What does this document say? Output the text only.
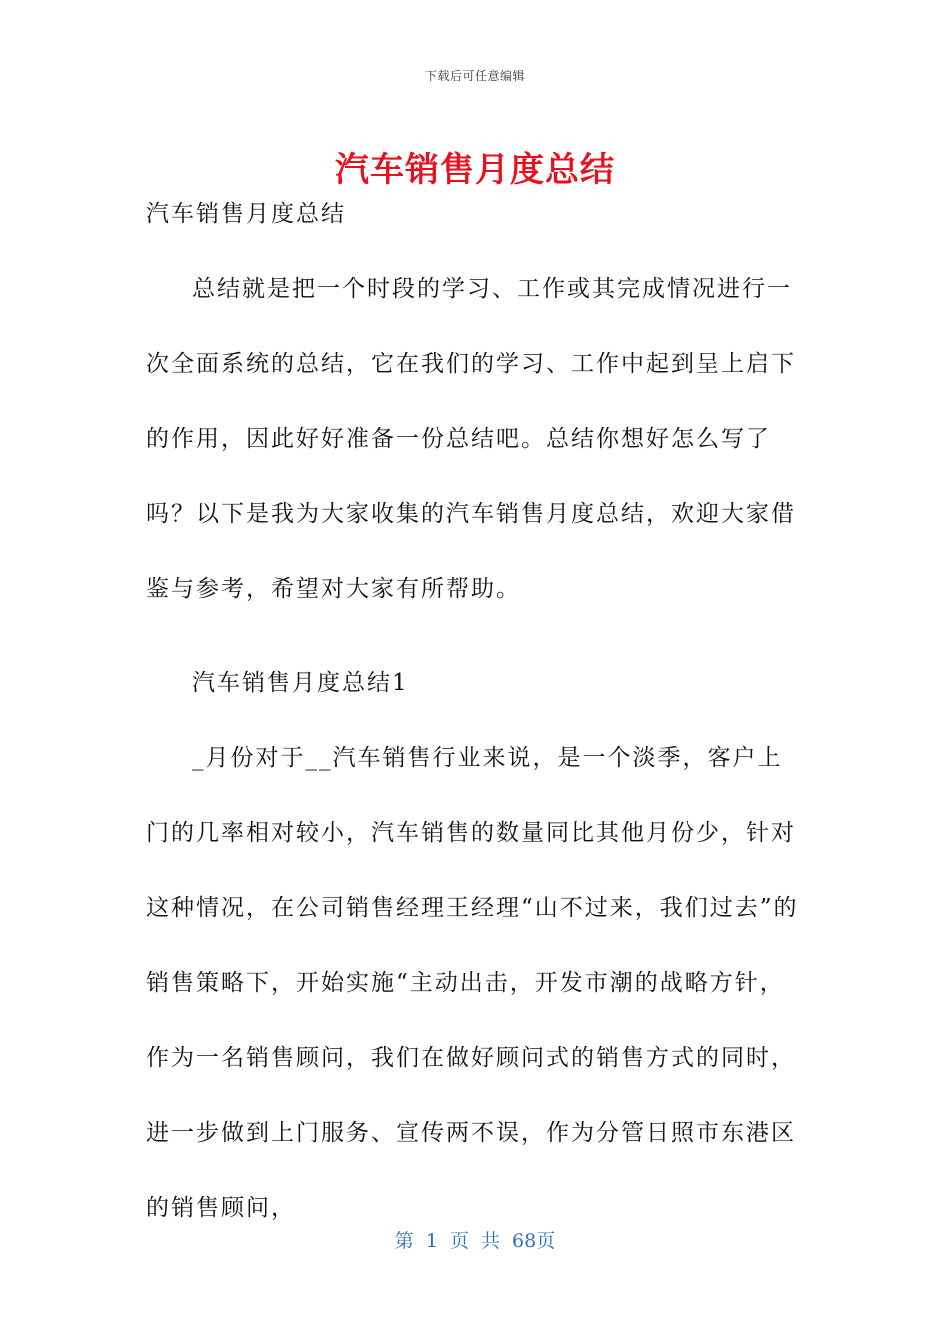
下载后可任意编辑
汽车销售月度总结

汽车销售月度总结

总结就是把一个时段的学习、工作或其完成情况进行一次全面系统的总结，它在我们的学习、工作中起到呈上启下的作用，因此好好准备一份总结吧。总结你想好怎么写了吗？以下是我为大家收集的汽车销售月度总结，欢迎大家借鉴与参考，希望对大家有所帮助。

汽车销售月度总结1

_月份对于__汽车销售行业来说，是一个淡季，客户上门的几率相对较小，汽车销售的数量同比其他月份少，针对这种情况，在公司销售经理王经理“山不过来，我们过去”的销售策略下，开始实施“主动出击，开发市潮的战略方针，作为一名销售顾问，我们在做好顾问式的销售方式的同时，进一步做到上门服务、宣传两不误，作为分管日照市东港区的销售顾问，

第 1 页 共 68页
